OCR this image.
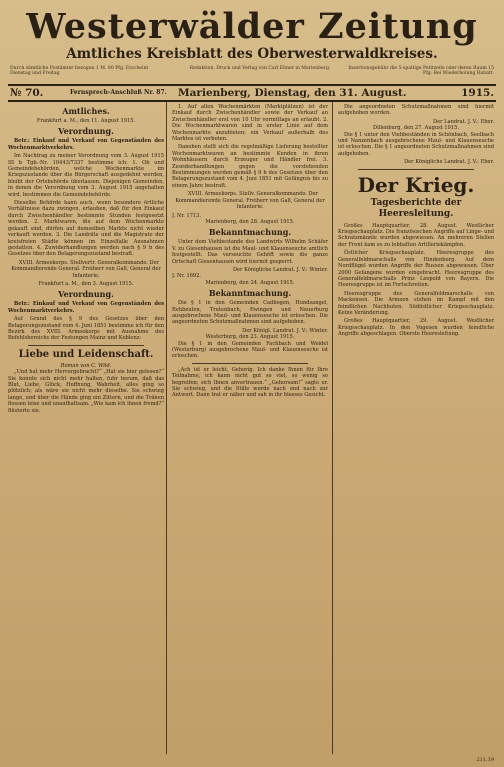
Westerwälder Zeitung
Amtliches Kreisblatt des Oberwesterwaldkreises.
Durch sämtliche Postämter bezogen 1 M. 80 Pfg. Erscheint Dienstag und Freitag
Redaktion, Druck und Verlag von Carl Ebner in Marienberg.	Insertionsgebühr die 5-spaltige Petitzeile oder deren Raum 15 Pfg. Bei Wiederholung Rabatt.
№ 70.	Fernsprech-Anschluß Nr. 87. Marienberg, Dienstag, den 31. August.	1915.
Amtliches.
Frankfurt a. M., den 11. August 1915.
Verordnung.
Betr.: Einkauf und Verkauf von Gegenständen des Wochenmarktverkehrs.
Im Nachtrag zu meiner Verordnung vom 3. August 1915 III b Tgb.-Nr. 10443/7337 bestimme ich: 1. Ob und Gemeindebehörden, welche Wochenmarkte im Kriegszustande über die Bürgerschaft ausgedehnt werden, bleibt der Ortsbehörde überlassen. Diejenigen Gemeinden, in denen die Verordnung vom 3. August 1915 angehalten wird, bestimmen die Gemeindebehörde.
Dieselbe Behörde kann auch, wenn besondere örtliche Verhältnisse dazu zwingen, erlauben, daß für den Einkauf durch Zwischenhändler bestimmte Stunden festgesetzt werden. 2. Marktwaren, die auf dem Wochenmarkte gekauft sind, dürfen auf demselben Markte nicht wieder verkauft werden. 3. Die Landräte und die Magistrate der kreisfreien Städte können im Einzelfalle Ausnahmen gestatten. 4. Zuwiderhandlungen werden nach § 9 b des Gesetzes über den Belagerungszustand bestraft.
XVIII. Armeekorps. Stellvertr. Generalkommando. Der Kommandierende General. Freiherr von Gall, General der Infanterie.
Frankfurt a. M., den 3. August 1915.
Verordnung.
Betr.: Einkauf und Verkauf von Gegenständen des Wochenmarktverkehrs.
Auf Grund des § 9 des Gesetzes über den Belagerungszustand vom 4. Juni 1851 bestimme ich für den Bezirk des XVIII. Armeekorps mit Ausnahme des Befehlsbereichs der Festungen Mainz und Koblenz:
Liebe und Leidenschaft.
Roman von C. Wild.
„Und hat mehr Hervorgebracht?“ „Hat sie hier gelesen?“ Sie konnte sich nicht mehr halten, fuhr herum, daß das Blut, Liebe, Glück, Hoffnung, Wahrheit, alles ging so plötzlich; als wäre sie nicht mehr dieselbe. Sie schwieg lange, und über die Hände ging ein Zittern, und die Tränen flossen leise und unaufhaltsam. „Wie kam ich ihnen fremd?“ flüsterte sie.
1. Auf allen Wochenmärkten (Marktplätzen) ist der Einkauf durch Zwischenhändler sowie der Verkauf an Zwischenhändler erst von 10 Uhr vormittags an erlaubt. 2. Die Wochenmarktwaren sind in erster Linie auf dem Wochenmarkte anzubieten; ein Verkauf außerhalb des Marktes ist verboten.
Daneben stellt sich die regelmäßige Lieferung bestellter Wochenmarktwaren an bestimmte Kunden in ihren Wohnhäusern durch Erzeuger und Händler frei. 3. Zuwiderhandlungen gegen die vorstehenden Bestimmungen werden gemäß § 9 b des Gesetzes über den Belagerungszustand vom 4. Juni 1851 mit Gefängnis bis zu einem Jahre bestraft.
XVIII. Armeekorps. Stellv. Generalkommando. Der Kommandierende General. Freiherr von Gall, General der Infanterie.
J. Nr. 1713.
Marienberg, den 28. August 1915.
Bekanntmachung.
Unter dem Viehbestande des Landwirts Wilhelm Schäfer V. zu Giesenhausen ist die Maul- und Klauenseuche amtlich festgestellt. Das verseuchte Gehöft sowie die ganze Ortschaft Giesenhausen wird hiermit gesperrt.
Der Königliche Landrat. J. V.: Winter.
J. Nr. 1692.
Marienberg, den 24. August 1915.
Bekanntmachung.
Die § 1 in den Gemeinden Cadbogen, Hundsangel, Rehbeulen, Trutenbach, Ewingen und Neuerburg ausgebrochene Maul- und Klauenseuche ist erloschen. Die angeordneten Schutzmaßnahmen sind aufgehoben.
Der Königl. Landrat. J. V.: Winter.
Westerburg, den 23. August 1915.
Die § 1 in den Gemeinden Fachbach und Weidel (Westerburg) ausgebrochene Maul- und Klauenseuche ist erloschen.
„Ach ist er leicht, Gehorig. Ich danke Ihnen für Ihre Teilnahme, ich kann nicht gut so viel, so wenig so begreifen; sich Ihnen anvertrauen.“ „Gehorsam!“ sagte er. Sie schwieg, und die Stille wurde nach und nach zur Antwort. Dann trat er näher und sah in ihr blasses Gesicht.
Die angeordneten Schutzmaßnahmen sind hiermit aufgehoben worden.
Der Landrat. J. V.: Eber.
Dillenburg, den 27. August 1915.
Die § 1 unter den Viehbeständen in Schönbach, Seelbach und Nanzenbach ausgebrochene Maul- und Klauenseuche ist erloschen. Die § 1 angeordneten Schutzmaßnahmen sind aufgehoben.
Der Königliche Landrat. J. V.: Eber.
Der Krieg.
Tagesberichte der Heeresleitung.
Großes Hauptquartier, 28. August. Westlicher Kriegsschauplatz. Die französischen Angriffe auf Linge- und Schratzmännle wurden abgewiesen. An mehreren Stellen der Front kam es zu lebhaften Artilleriekämpfen.
Östlicher Kriegsschauplatz. Heeresgruppe des Generalfeldmarschalls von Hindenburg. Auf dem Nordflügel wurden Angriffe der Russen abgewiesen. Über 2000 Gefangene wurden eingebracht. Heeresgruppe des Generalfeldmarschalls Prinz Leopold von Bayern. Die Heeresgruppe ist im Fortschreiten.
Heeresgruppe des Generalfeldmarschalls von Mackensen. Die Armeen stehen im Kampf mit den feindlichen Nachhuten. Südöstlicher Kriegsschauplatz. Keine Veränderung.
Großes Hauptquartier, 29. August. Westlicher Kriegsschauplatz. In den Vogesen wurden feindliche Angriffe abgeschlagen. Oberste Heeresleitung.
211.19
